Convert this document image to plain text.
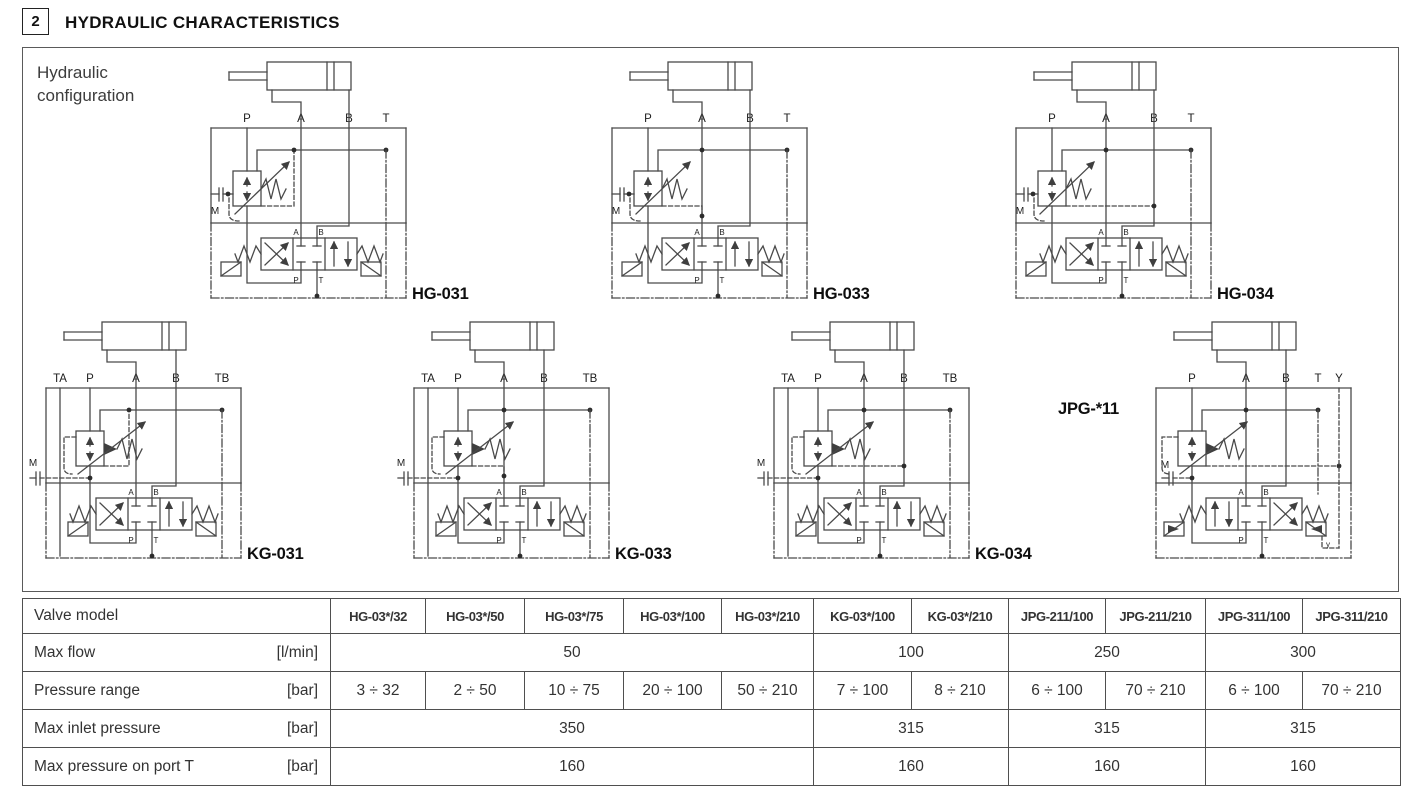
2	HYDRAULIC CHARACTERISTICS
Hydraulic configuration
P	A	B	T
M
A B
P T
HG-031
P	A	B	T
M
A B
P T
HG-033
P	A	B	T
M
A B
P T
HG-034
TA P	A	B	TB
M
A B
P T
KG-031
TA P	A	B	TB
M
A B
P T
KG-033
TA P	A	B	TB
M
A B
P T
KG-034
P	A	B T Y
M
A B
P T	y
JPG-*11
Valve model	HG-03*/32	HG-03*/50	HG-03*/75	HG-03*/100	HG-03*/210	KG-03*/100	KG-03*/210	JPG-211/100	JPG-211/210	JPG-311/100	JPG-311/210

Max flow [l/min]	50					100		250		300	

Pressure range [bar]	3 ÷ 32	2 ÷ 50	10 ÷ 75	20 ÷ 100	50 ÷ 210	7 ÷ 100	8 ÷ 210	6 ÷ 100	70 ÷ 210	6 ÷ 100	70 ÷ 210

Max inlet pressure [bar]	350					315		315		315	

Max pressure on port T [bar]	160					160		160		160	
